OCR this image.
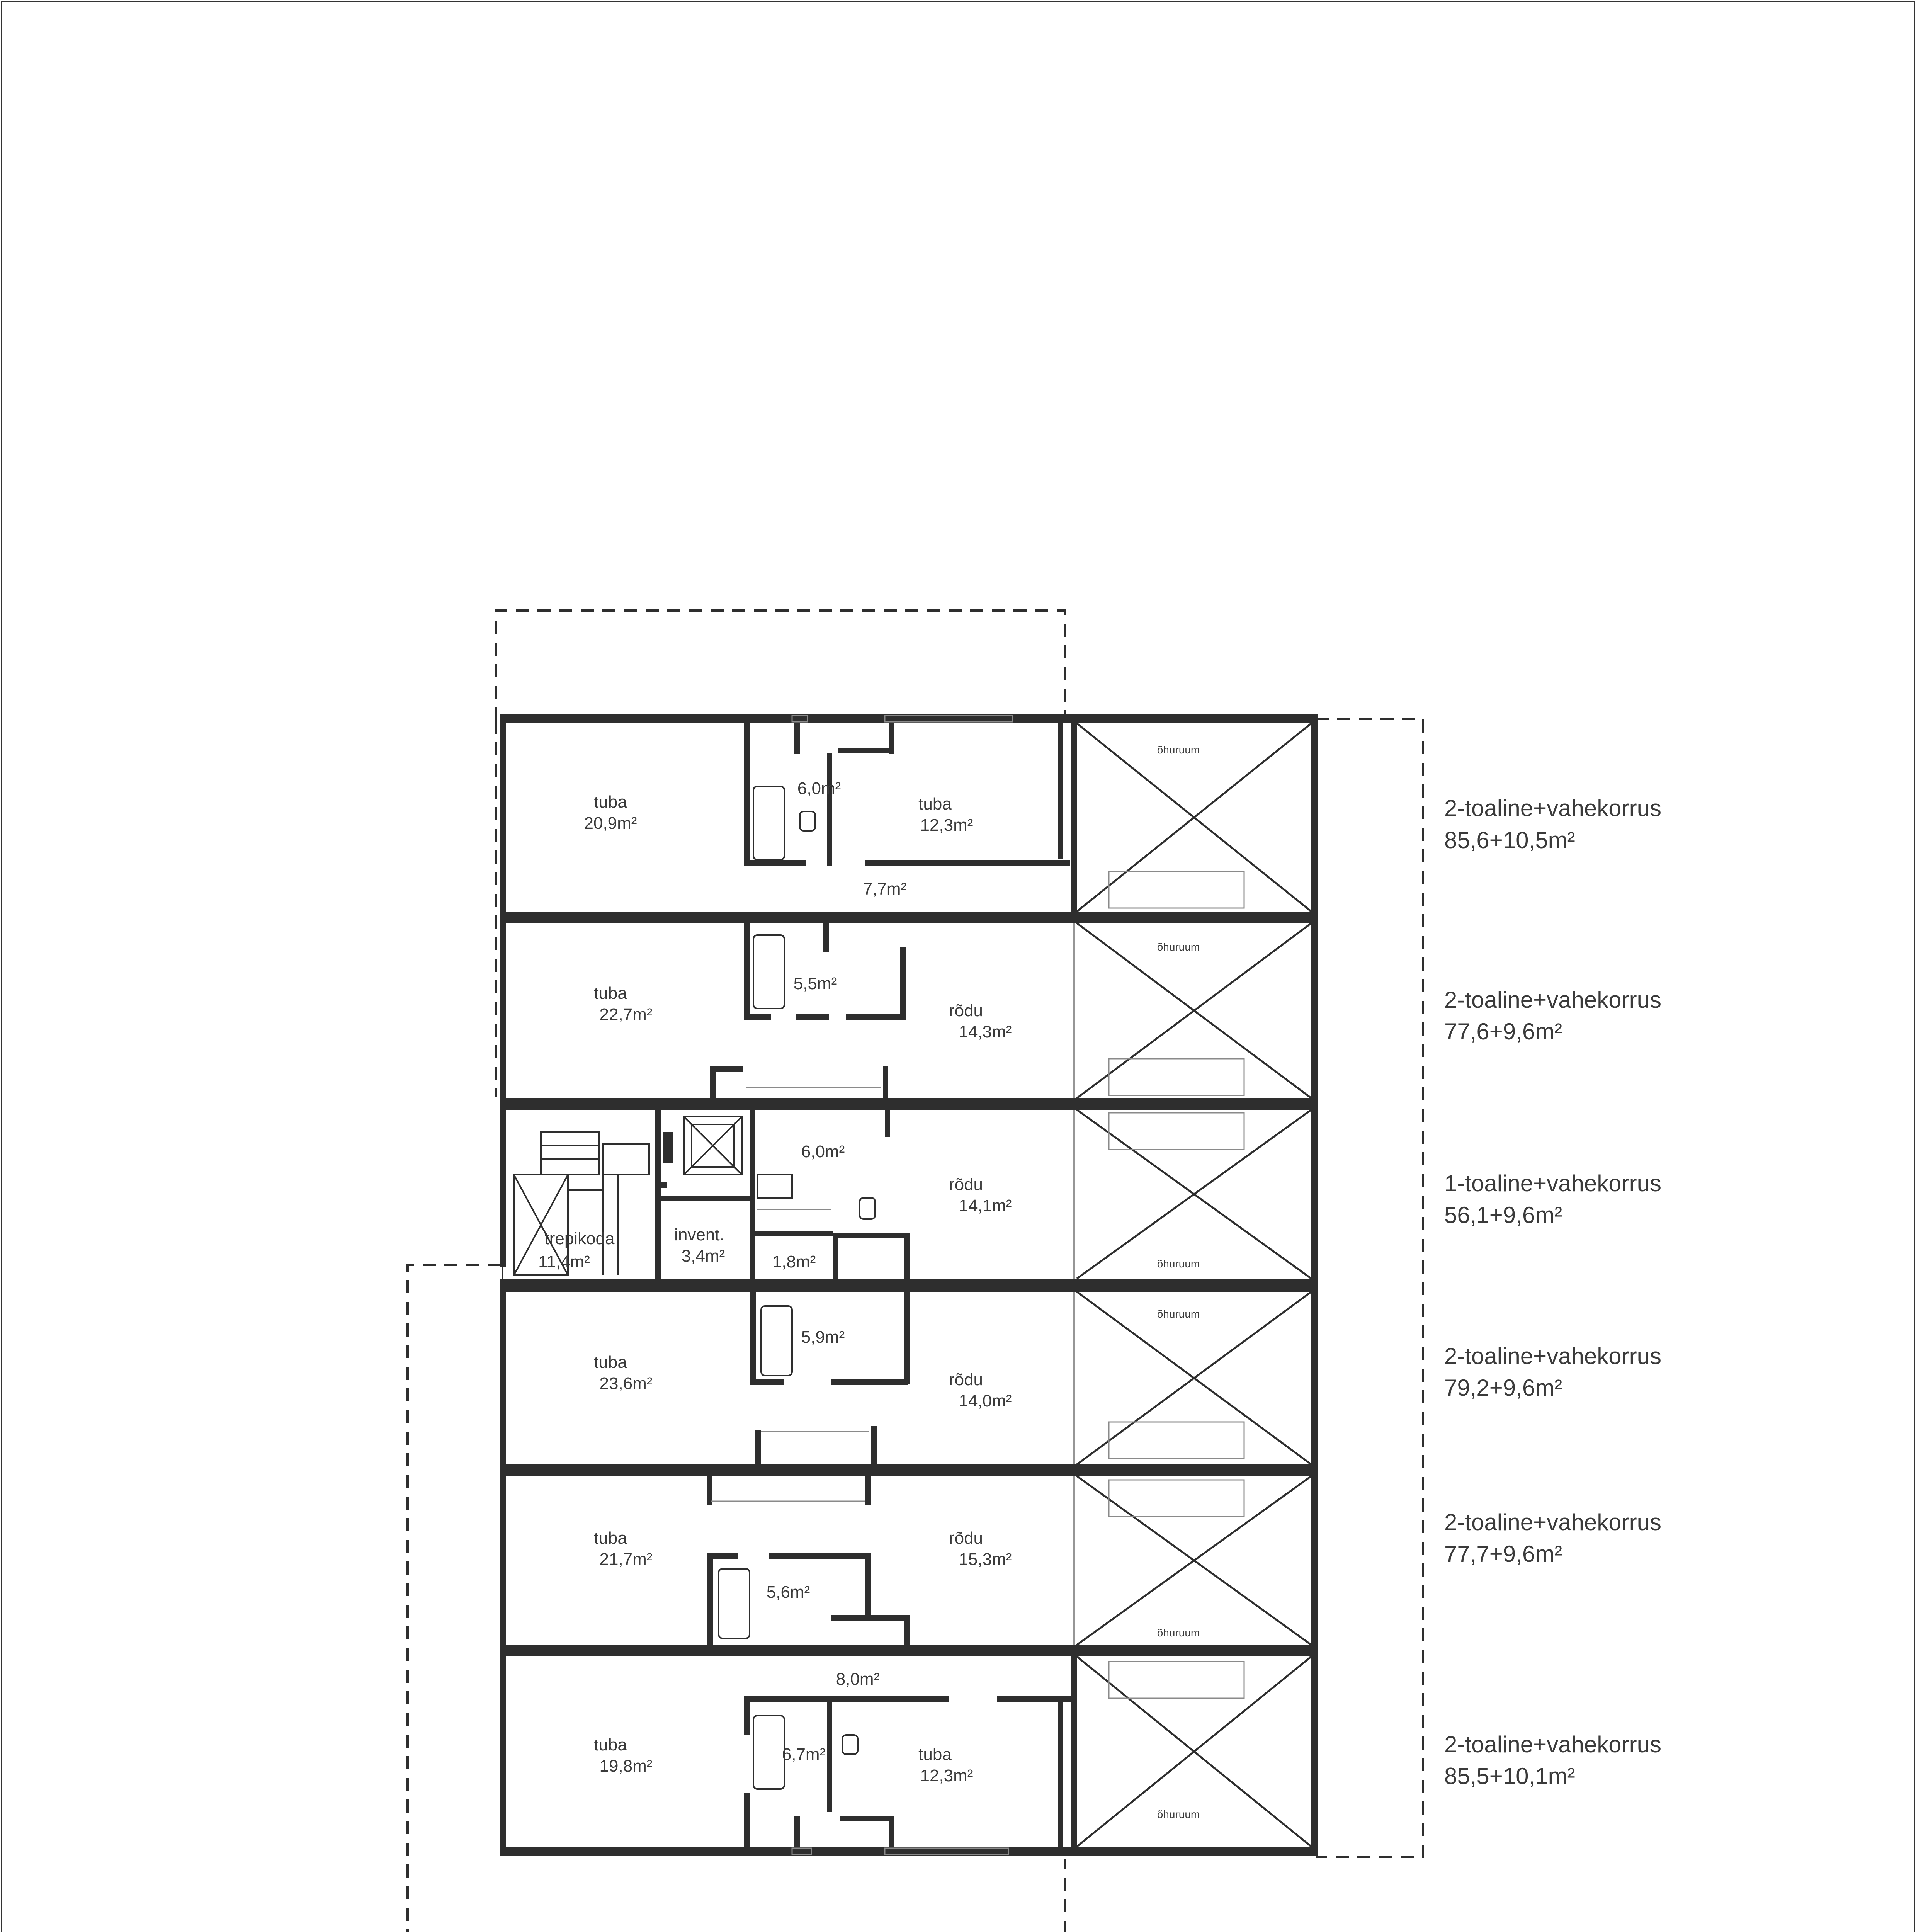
õhuruum
õhuruum
õhuruum
õhuruum
õhuruum
õhuruum
tuba
20,9m²
6,0m²
tuba
12,3m²
7,7m²
tuba
22,7m²
5,5m²
rõdu
14,3m²
trepikoda
11,4m²
invent.
3,4m²
6,0m²
rõdu
14,1m²
1,8m²
tuba
23,6m²
5,9m²
rõdu
14,0m²
tuba
21,7m²
5,6m²
rõdu
15,3m²
8,0m²
tuba
19,8m²
6,7m²	tuba
12,3m²
2-toaline+vahekorrus
85,6+10,5m²
2-toaline+vahekorrus
77,6+9,6m²
1-toaline+vahekorrus
56,1+9,6m²
2-toaline+vahekorrus
79,2+9,6m²
2-toaline+vahekorrus
77,7+9,6m²
2-toaline+vahekorrus
85,5+10,1m²
